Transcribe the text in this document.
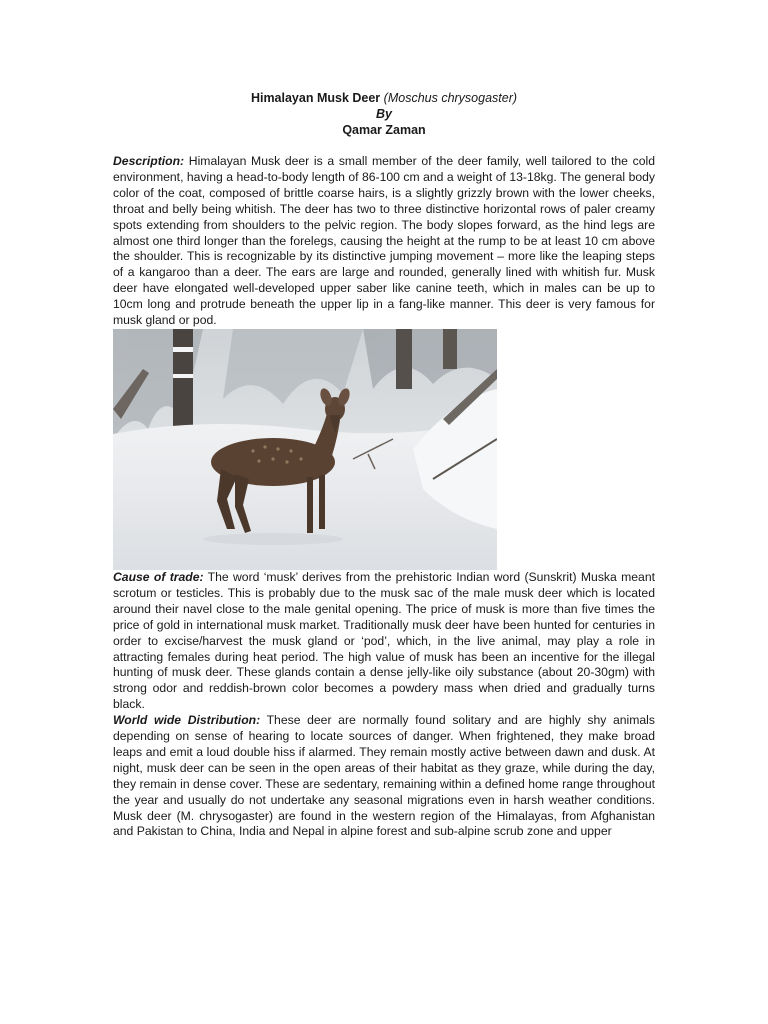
Himalayan Musk Deer (Moschus chrysogaster)
By
Qamar Zaman

Description: Himalayan Musk deer is a small member of the deer family, well tailored to the cold environment, having a head-to-body length of 86-100 cm and a weight of 13-18kg. The general body color of the coat, composed of brittle coarse hairs, is a slightly grizzly brown with the lower cheeks, throat and belly being whitish. The deer has two to three distinctive horizontal rows of paler creamy spots extending from shoulders to the pelvic region. The body slopes forward, as the hind legs are almost one third longer than the forelegs, causing the height at the rump to be at least 10 cm above the shoulder. This is recognizable by its distinctive jumping movement – more like the leaping steps of a kangaroo than a deer. The ears are large and rounded, generally lined with whitish fur. Musk deer have elongated well-developed upper saber like canine teeth, which in males can be up to 10cm long and protrude beneath the upper lip in a fang-like manner. This deer is very famous for musk gland or pod.

Cause of trade: The word ‘musk’ derives from the prehistoric Indian word (Sunskrit) Muska meant scrotum or testicles. This is probably due to the musk sac of the male musk deer which is located around their navel close to the male genital opening. The price of musk is more than five times the price of gold in international musk market. Traditionally musk deer have been hunted for centuries in order to excise/harvest the musk gland or ‘pod’, which, in the live animal, may play a role in attracting females during heat period. The high value of musk has been an incentive for the illegal hunting of musk deer. These glands contain a dense jelly-like oily substance (about 20-30gm) with strong odor and reddish-brown color becomes a powdery mass when dried and gradually turns black.

World wide Distribution: These deer are normally found solitary and are highly shy animals depending on sense of hearing to locate sources of danger. When frightened, they make broad leaps and emit a loud double hiss if alarmed. They remain mostly active between dawn and dusk. At night, musk deer can be seen in the open areas of their habitat as they graze, while during the day, they remain in dense cover. These are sedentary, remaining within a defined home range throughout the year and usually do not undertake any seasonal migrations even in harsh weather conditions. Musk deer (M. chrysogaster) are found in the western region of the Himalayas, from Afghanistan and Pakistan to China, India and Nepal in alpine forest and sub-alpine scrub zone and upper
